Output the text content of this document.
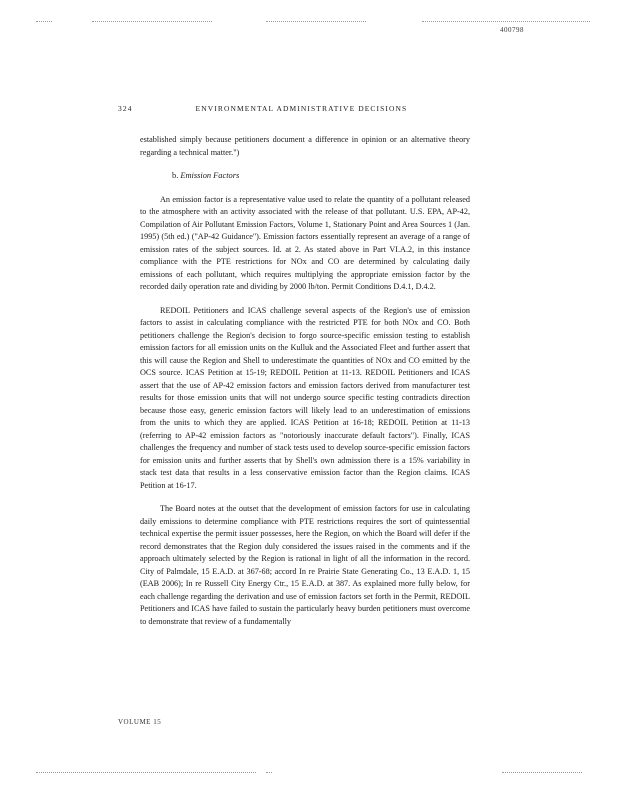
400798
324	ENVIRONMENTAL ADMINISTRATIVE DECISIONS

established simply because petitioners document a difference in opinion or an alternative theory regarding a technical matter.")

b. Emission Factors

An emission factor is a representative value used to relate the quantity of a pollutant released to the atmosphere with an activity associated with the release of that pollutant. U.S. EPA, AP-42, Compilation of Air Pollutant Emission Factors, Volume 1, Stationary Point and Area Sources 1 (Jan. 1995) (5th ed.) ("AP-42 Guidance"). Emission factors essentially represent an average of a range of emission rates of the subject sources. Id. at 2. As stated above in Part VI.A.2, in this instance compliance with the PTE restrictions for NOx and CO are determined by calculating daily emissions of each pollutant, which requires multiplying the appropriate emission factor by the recorded daily operation rate and dividing by 2000 lb/ton. Permit Conditions D.4.1, D.4.2.

REDOIL Petitioners and ICAS challenge several aspects of the Region's use of emission factors to assist in calculating compliance with the restricted PTE for both NOx and CO. Both petitioners challenge the Region's decision to forgo source-specific emission testing to establish emission factors for all emission units on the Kulluk and the Associated Fleet and further assert that this will cause the Region and Shell to underestimate the quantities of NOx and CO emitted by the OCS source. ICAS Petition at 15-19; REDOIL Petition at 11-13. REDOIL Petitioners and ICAS assert that the use of AP-42 emission factors and emission factors derived from manufacturer test results for those emission units that will not undergo source specific testing contradicts direction because those easy, generic emission factors will likely lead to an underestimation of emissions from the units to which they are applied. ICAS Petition at 16-18; REDOIL Petition at 11-13 (referring to AP-42 emission factors as "notoriously inaccurate default factors"). Finally, ICAS challenges the frequency and number of stack tests used to develop source-specific emission factors for emission units and further asserts that by Shell's own admission there is a 15% variability in stack test data that results in a less conservative emission factor than the Region claims. ICAS Petition at 16-17.

The Board notes at the outset that the development of emission factors for use in calculating daily emissions to determine compliance with PTE restrictions requires the sort of quintessential technical expertise the permit issuer possesses, here the Region, on which the Board will defer if the record demonstrates that the Region duly considered the issues raised in the comments and if the approach ultimately selected by the Region is rational in light of all the information in the record. City of Palmdale, 15 E.A.D. at 367-68; accord In re Prairie State Generating Co., 13 E.A.D. 1, 15 (EAB 2006); In re Russell City Energy Ctr., 15 E.A.D. at 387. As explained more fully below, for each challenge regarding the derivation and use of emission factors set forth in the Permit, REDOIL Petitioners and ICAS have failed to sustain the particularly heavy burden petitioners must overcome to demonstrate that review of a fundamentally

VOLUME 15
